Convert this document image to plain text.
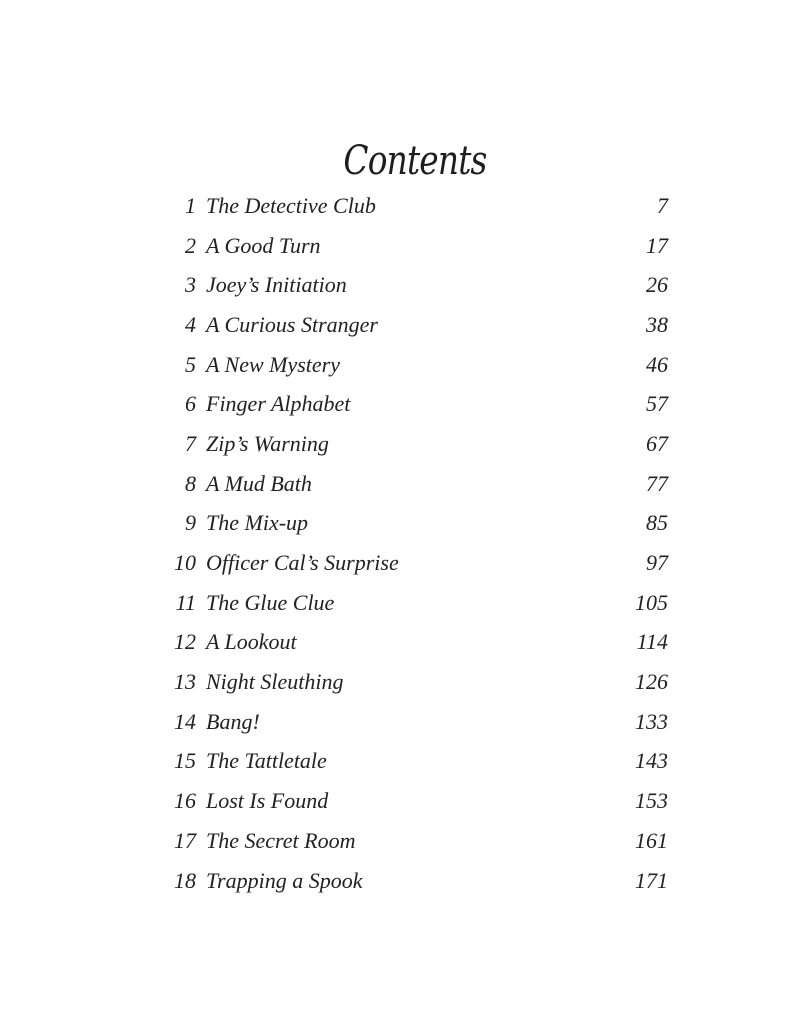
Contents
1 The Detective Club	7
2 A Good Turn	17
3 Joey’s Initiation	26
4 A Curious Stranger	38
5 A New Mystery	46
6 Finger Alphabet	57
7 Zip’s Warning	67
8 A Mud Bath	77
9 The Mix-up	85
10 Officer Cal’s Surprise	97
11 The Glue Clue	105
12 A Lookout	114
13 Night Sleuthing	126
14 Bang!	133
15 The Tattletale	143
16 Lost Is Found	153
17 The Secret Room	161
18 Trapping a Spook	171
